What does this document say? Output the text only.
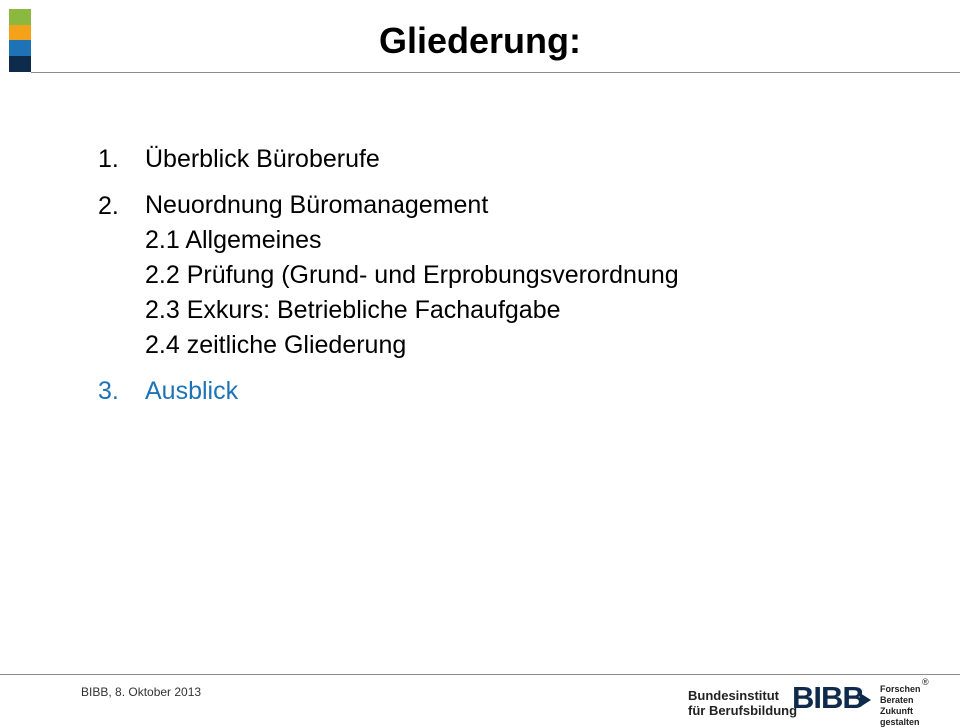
Gliederung:
1.	Überblick Büroberufe
2.	Neuordnung Büromanagement
2.1 Allgemeines
2.2 Prüfung (Grund- und Erprobungsverordnung
2.3 Exkurs: Betriebliche Fachaufgabe
2.4 zeitliche Gliederung
3.	Ausblick
BIBB, 8. Oktober 2013	Bundesinstitut
für Berufsbildung
BIBB Forschen
Beraten
Zukunft gestalten
®
